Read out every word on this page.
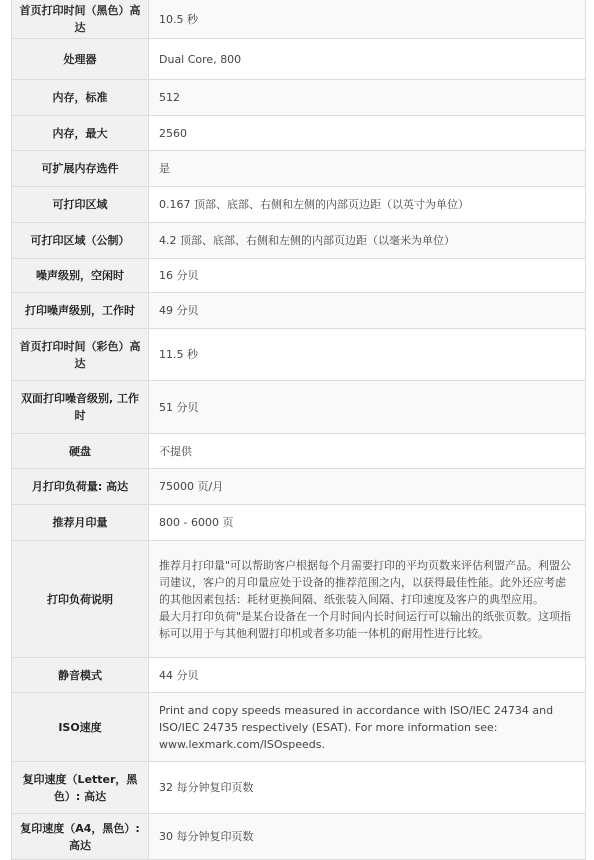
首页打印时间（黑色）高达	10.5 秒
处理器	Dual Core, 800
内存，标准	512
内存，最大	2560
可扩展内存选件	是
可打印区域	0.167 顶部、底部、右侧和左侧的内部页边距（以英寸为单位）
可打印区域（公制）	4.2 顶部、底部、右侧和左侧的内部页边距（以毫米为单位）
噪声级别，空闲时	16 分贝
打印噪声级别，工作时	49 分贝
首页打印时间（彩色）高达	11.5 秒
双面打印噪音级别, 工作时	51 分贝
硬盘	不提供
月打印负荷量: 高达	75000 页/月
推荐月印量	800 - 6000 页
打印负荷说明	推荐月打印量"可以帮助客户根据每个月需要打印的平均页数来评估利盟产品。利盟公司建议，客户的月印量应处于设备的推荐范围之内，以获得最佳性能。此外还应考虑的其他因素包括：耗材更换间隔、纸张装入间隔、打印速度及客户的典型应用。
最大月打印负荷"是某台设备在一个月时间内长时间运行可以输出的纸张页数。这项指标可以用于与其他利盟打印机或者多功能一体机的耐用性进行比较。
静音模式	44 分贝
ISO速度	Print and copy speeds measured in accordance with ISO/IEC 24734 and ISO/IEC 24735 respectively (ESAT). For more information see: www.lexmark.com/ISOspeeds.
复印速度（Letter，黑色）: 高达	32 每分钟复印页数
复印速度（A4，黑色）: 高达	30 每分钟复印页数
